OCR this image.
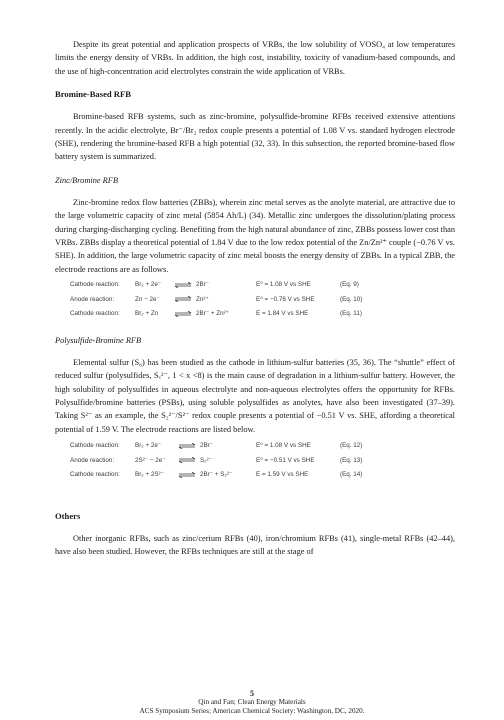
Despite its great potential and application prospects of VRBs, the low solubility of VOSO₄ at low temperatures limits the energy density of VRBs. In addition, the high cost, instability, toxicity of vanadium-based compounds, and the use of high-concentration acid electrolytes constrain the wide application of VRBs.

Bromine-Based RFB

Bromine-based RFB systems, such as zinc-bromine, polysulfide-bromine RFBs received extensive attentions recently. In the acidic electrolyte, Br⁻/Br₂ redox couple presents a potential of 1.08 V vs. standard hydrogen electrode (SHE), rendering the bromine-based RFB a high potential (32, 33). In this subsection, the reported bromine-based flow battery system is summarized.

Zinc/Bromine RFB

Zinc-bromine redox flow batteries (ZBBs), wherein zinc metal serves as the anolyte material, are attractive due to the large volumetric capacity of zinc metal (5854 Ah/L) (34). Metallic zinc undergoes the dissolution/plating process during charging-discharging cycling. Benefiting from the high natural abundance of zinc, ZBBs possess lower cost than VRBs. ZBBs display a theoretical potential of 1.84 V due to the low redox potential of the Zn/Zn²⁺ couple (−0.76 V vs. SHE). In addition, the large volumetric capacity of zinc metal boosts the energy density of ZBBs. In a typical ZBB, the electrode reactions are as follows.

Cathode reaction: Br₂ + 2e⁻ ⇌ 2Br⁻	E⁰ = 1.08 V vs SHE	(Eq. 9)
Anode reaction:	Zn − 2e⁻ ⇌ Zn²⁺	E⁰ = −0.76 V vs SHE	(Eq. 10)
Cathode reaction: Br₂ + Zn ⇌ 2Br⁻ + Zn²⁺	E = 1.84 V vs SHE	(Eq. 11)
Polysulfide-Bromine RFB

Elemental sulfur (S₈) has been studied as the cathode in lithium-sulfur batteries (35, 36). The “shuttle” effect of reduced sulfur (polysulfides, Sₓ²⁻, 1 < x <8) is the main cause of degradation in a lithium-sulfur battery. However, the high solubility of polysulfides in aqueous electrolyte and non-aqueous electrolytes offers the opportunity for RFBs. Polysulfide/bromine batteries (PSBs), using soluble polysulfides as anolytes, have also been investigated (37–39). Taking S²⁻ as an example, the S₂²⁻/S²⁻ redox couple presents a potential of −0.51 V vs. SHE, affording a theoretical potential of 1.59 V. The electrode reactions are listed below.

Cathode reaction: Br₂ + 2e⁻	⇌ 2Br⁻	E⁰ = 1.08 V vs SHE	(Eq. 12)
Anode reaction:	2S²⁻ − 2e⁻ ⇌ S₂²⁻	E⁰ = −0.51 V vs SHE	(Eq. 13)
Cathode reaction: Br₂ + 2S²⁻ ⇌ 2Br⁻ + S₂²⁻	E = 1.59 V vs SHE	(Eq. 14)
Others

Other inorganic RFBs, such as zinc/cerium RFBs (40), iron/chromium RFBs (41), single-metal RFBs (42–44), have also been studied. However, the RFBs techniques are still at the stage of

5
Qin and Fan; Clean Energy Materials
ACS Symposium Series; American Chemical Society: Washington, DC, 2020.
